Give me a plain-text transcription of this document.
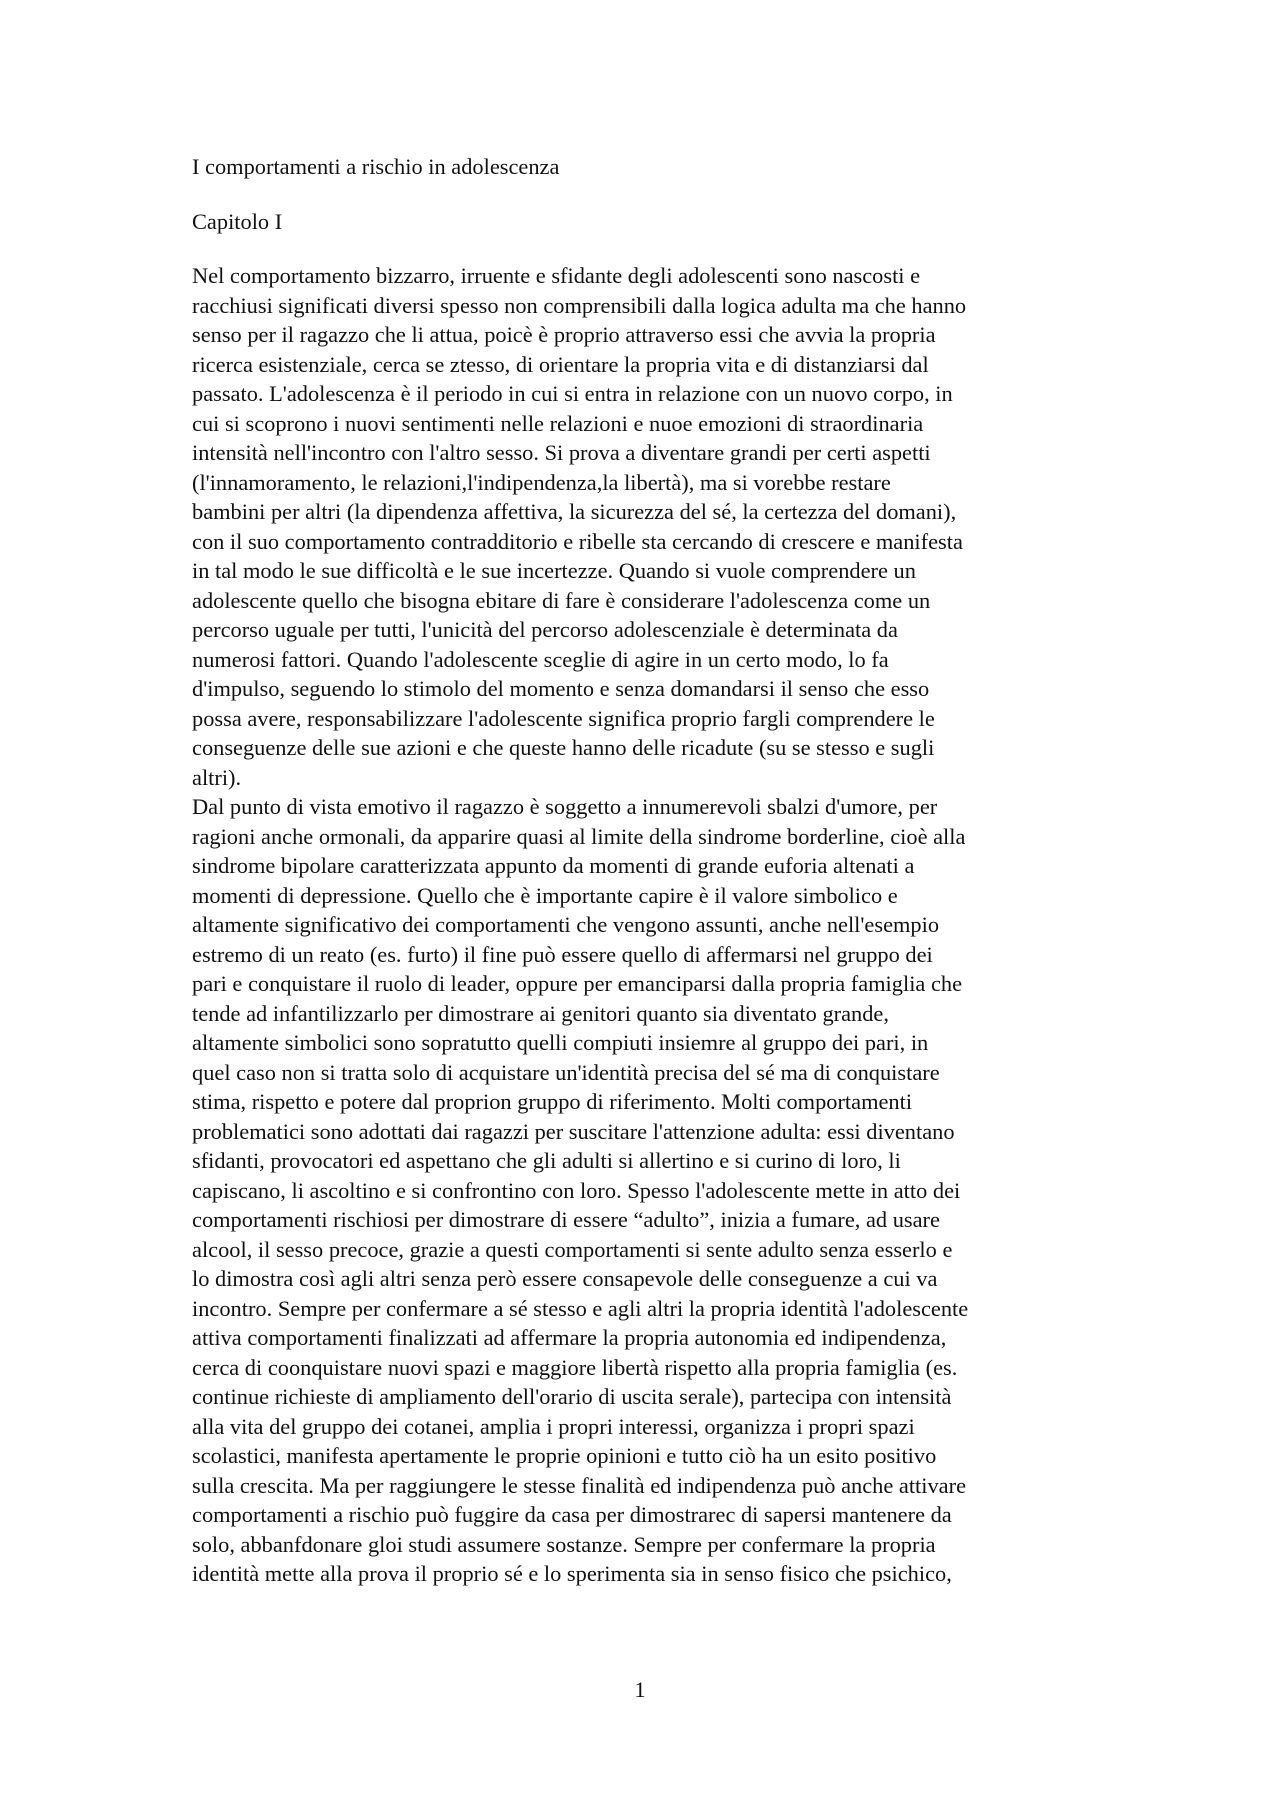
I comportamenti a rischio in adolescenza
Capitolo I
Nel comportamento bizzarro, irruente e sfidante degli adolescenti sono nascosti e
racchiusi significati diversi spesso non comprensibili dalla logica adulta ma che hanno
senso per il ragazzo che li attua, poicè è proprio attraverso essi che avvia la propria
ricerca esistenziale, cerca se ztesso, di orientare la propria vita e di distanziarsi dal
passato. L'adolescenza è il periodo in cui si entra in relazione con un nuovo corpo, in
cui si scoprono i nuovi sentimenti nelle relazioni e nuoe emozioni di straordinaria
intensità nell'incontro con l'altro sesso. Si prova a diventare grandi per certi aspetti
(l'innamoramento, le relazioni,l'indipendenza,la libertà), ma si vorebbe restare
bambini per altri (la dipendenza affettiva, la sicurezza del sé, la certezza del domani),
con il suo comportamento contradditorio e ribelle sta cercando di crescere e manifesta
in tal modo le sue difficoltà e le sue incertezze. Quando si vuole comprendere un
adolescente quello che bisogna ebitare di fare è considerare l'adolescenza come un
percorso uguale per tutti, l'unicità del percorso adolescenziale è determinata da
numerosi fattori. Quando l'adolescente sceglie di agire in un certo modo, lo fa
d'impulso, seguendo lo stimolo del momento e senza domandarsi il senso che esso
possa avere, responsabilizzare l'adolescente significa proprio fargli comprendere le
conseguenze delle sue azioni e che queste hanno delle ricadute (su se stesso e sugli
altri).
Dal punto di vista emotivo il ragazzo è soggetto a innumerevoli sbalzi d'umore, per
ragioni anche ormonali, da apparire quasi al limite della sindrome borderline, cioè alla
sindrome bipolare caratterizzata appunto da momenti di grande euforia altenati a
momenti di depressione. Quello che è importante capire è il valore simbolico e
altamente significativo dei comportamenti che vengono assunti, anche nell'esempio
estremo di un reato (es. furto) il fine può essere quello di affermarsi nel gruppo dei
pari e conquistare il ruolo di leader, oppure per emanciparsi dalla propria famiglia che
tende ad infantilizzarlo per dimostrare ai genitori quanto sia diventato grande,
altamente simbolici sono sopratutto quelli compiuti insiemre al gruppo dei pari, in
quel caso non si tratta solo di acquistare un'identità precisa del sé ma di conquistare
stima, rispetto e potere dal proprion gruppo di riferimento. Molti comportamenti
problematici sono adottati dai ragazzi per suscitare l'attenzione adulta: essi diventano
sfidanti, provocatori ed aspettano che gli adulti si allertino e si curino di loro, li
capiscano, li ascoltino e si confrontino con loro. Spesso l'adolescente mette in atto dei
comportamenti rischiosi per dimostrare di essere “adulto”, inizia a fumare, ad usare
alcool, il sesso precoce, grazie a questi comportamenti si sente adulto senza esserlo e
lo dimostra così agli altri senza però essere consapevole delle conseguenze a cui va
incontro. Sempre per confermare a sé stesso e agli altri la propria identità l'adolescente
attiva comportamenti finalizzati ad affermare la propria autonomia ed indipendenza,
cerca di coonquistare nuovi spazi e maggiore libertà rispetto alla propria famiglia (es.
continue richieste di ampliamento dell'orario di uscita serale), partecipa con intensità
alla vita del gruppo dei cotanei, amplia i propri interessi, organizza i propri spazi
scolastici, manifesta apertamente le proprie opinioni e tutto ciò ha un esito positivo
sulla crescita. Ma per raggiungere le stesse finalità ed indipendenza può anche attivare
comportamenti a rischio può fuggire da casa per dimostrarec di sapersi mantenere da
solo, abbanfdonare gloi studi assumere sostanze. Sempre per confermare la propria
identità mette alla prova il proprio sé e lo sperimenta sia in senso fisico che psichico,
1
